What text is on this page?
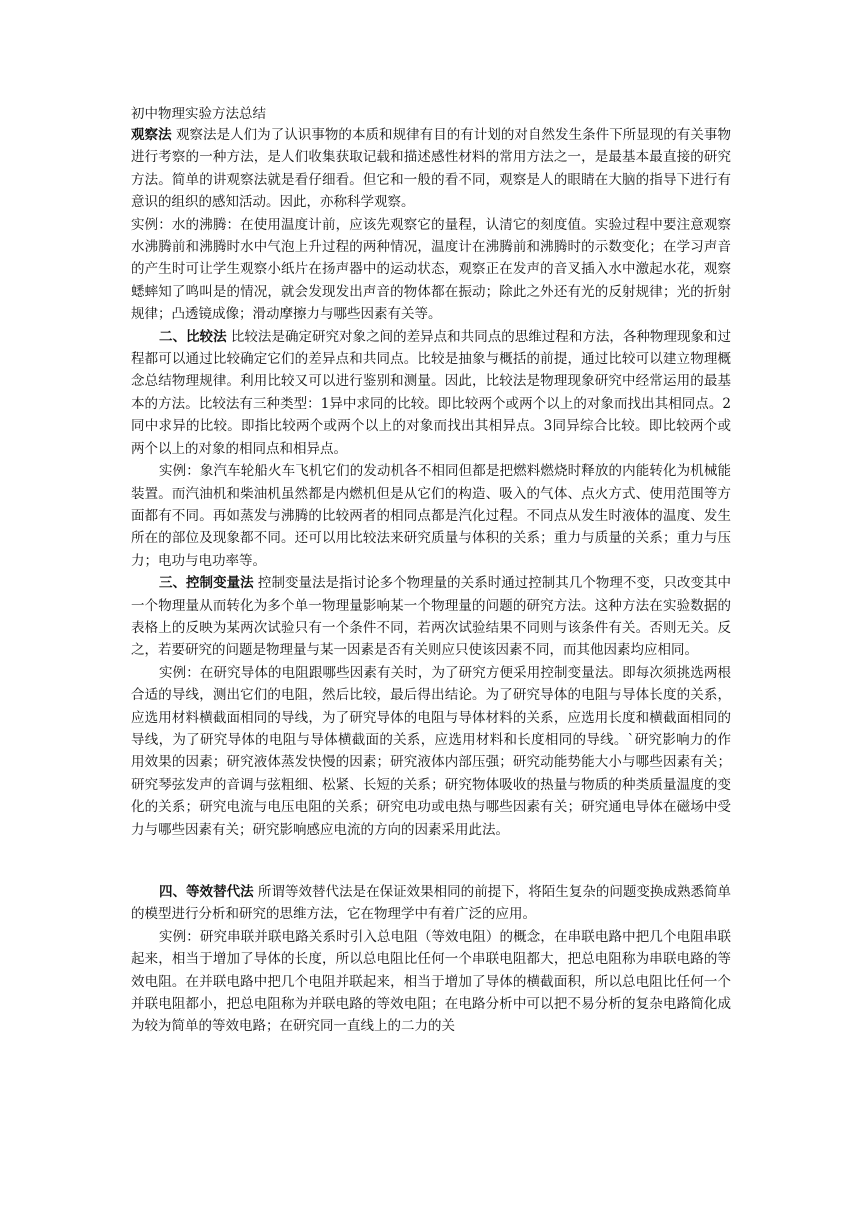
初中物理实验方法总结

观察法 观察法是人们为了认识事物的本质和规律有目的有计划的对自然发生条件下所显现的有关事物进行考察的一种方法，是人们收集获取记载和描述感性材料的常用方法之一，是最基本最直接的研究方法。简单的讲观察法就是看仔细看。但它和一般的看不同，观察是人的眼睛在大脑的指导下进行有意识的组织的感知活动。因此，亦称科学观察。

实例：水的沸腾：在使用温度计前，应该先观察它的量程，认清它的刻度值。实验过程中要注意观察水沸腾前和沸腾时水中气泡上升过程的两种情况，温度计在沸腾前和沸腾时的示数变化；在学习声音的产生时可让学生观察小纸片在扬声器中的运动状态，观察正在发声的音叉插入水中激起水花，观察蟋蟀知了鸣叫是的情况，就会发现发出声音的物体都在振动；除此之外还有光的反射规律；光的折射规律；凸透镜成像；滑动摩擦力与哪些因素有关等。

二、比较法 比较法是确定研究对象之间的差异点和共同点的思维过程和方法，各种物理现象和过程都可以通过比较确定它们的差异点和共同点。比较是抽象与概括的前提，通过比较可以建立物理概念总结物理规律。利用比较又可以进行鉴别和测量。因此，比较法是物理现象研究中经常运用的最基本的方法。比较法有三种类型：1异中求同的比较。即比较两个或两个以上的对象而找出其相同点。2同中求异的比较。即指比较两个或两个以上的对象而找出其相异点。3同异综合比较。即比较两个或两个以上的对象的相同点和相异点。

实例：象汽车轮船火车飞机它们的发动机各不相同但都是把燃料燃烧时释放的内能转化为机械能装置。而汽油机和柴油机虽然都是内燃机但是从它们的构造、吸入的气体、点火方式、使用范围等方面都有不同。再如蒸发与沸腾的比较两者的相同点都是汽化过程。不同点从发生时液体的温度、发生所在的部位及现象都不同。还可以用比较法来研究质量与体积的关系；重力与质量的关系；重力与压力；电功与电功率等。

三、控制变量法 控制变量法是指讨论多个物理量的关系时通过控制其几个物理不变，只改变其中一个物理量从而转化为多个单一物理量影响某一个物理量的问题的研究方法。这种方法在实验数据的表格上的反映为某两次试验只有一个条件不同，若两次试验结果不同则与该条件有关。否则无关。反之，若要研究的问题是物理量与某一因素是否有关则应只使该因素不同，而其他因素均应相同。

实例：在研究导体的电阻跟哪些因素有关时，为了研究方便采用控制变量法。即每次须挑选两根合适的导线，测出它们的电阻，然后比较，最后得出结论。为了研究导体的电阻与导体长度的关系，应选用材料横截面相同的导线，为了研究导体的电阻与导体材料的关系，应选用长度和横截面相同的导线，为了研究导体的电阻与导体横截面的关系，应选用材料和长度相同的导线。`研究影响力的作用效果的因素；研究液体蒸发快慢的因素；研究液体内部压强；研究动能势能大小与哪些因素有关；研究琴弦发声的音调与弦粗细、松紧、长短的关系；研究物体吸收的热量与物质的种类质量温度的变化的关系；研究电流与电压电阻的关系；研究电功或电热与哪些因素有关；研究通电导体在磁场中受力与哪些因素有关；研究影响感应电流的方向的因素采用此法。

四、等效替代法 所谓等效替代法是在保证效果相同的前提下，将陌生复杂的问题变换成熟悉简单的模型进行分析和研究的思维方法，它在物理学中有着广泛的应用。

实例：研究串联并联电路关系时引入总电阻（等效电阻）的概念，在串联电路中把几个电阻串联起来，相当于增加了导体的长度，所以总电阻比任何一个串联电阻都大，把总电阻称为串联电路的等效电阻。在并联电路中把几个电阻并联起来，相当于增加了导体的横截面积，所以总电阻比任何一个并联电阻都小，把总电阻称为并联电路的等效电阻；在电路分析中可以把不易分析的复杂电路简化成为较为简单的等效电路；在研究同一直线上的二力的关
